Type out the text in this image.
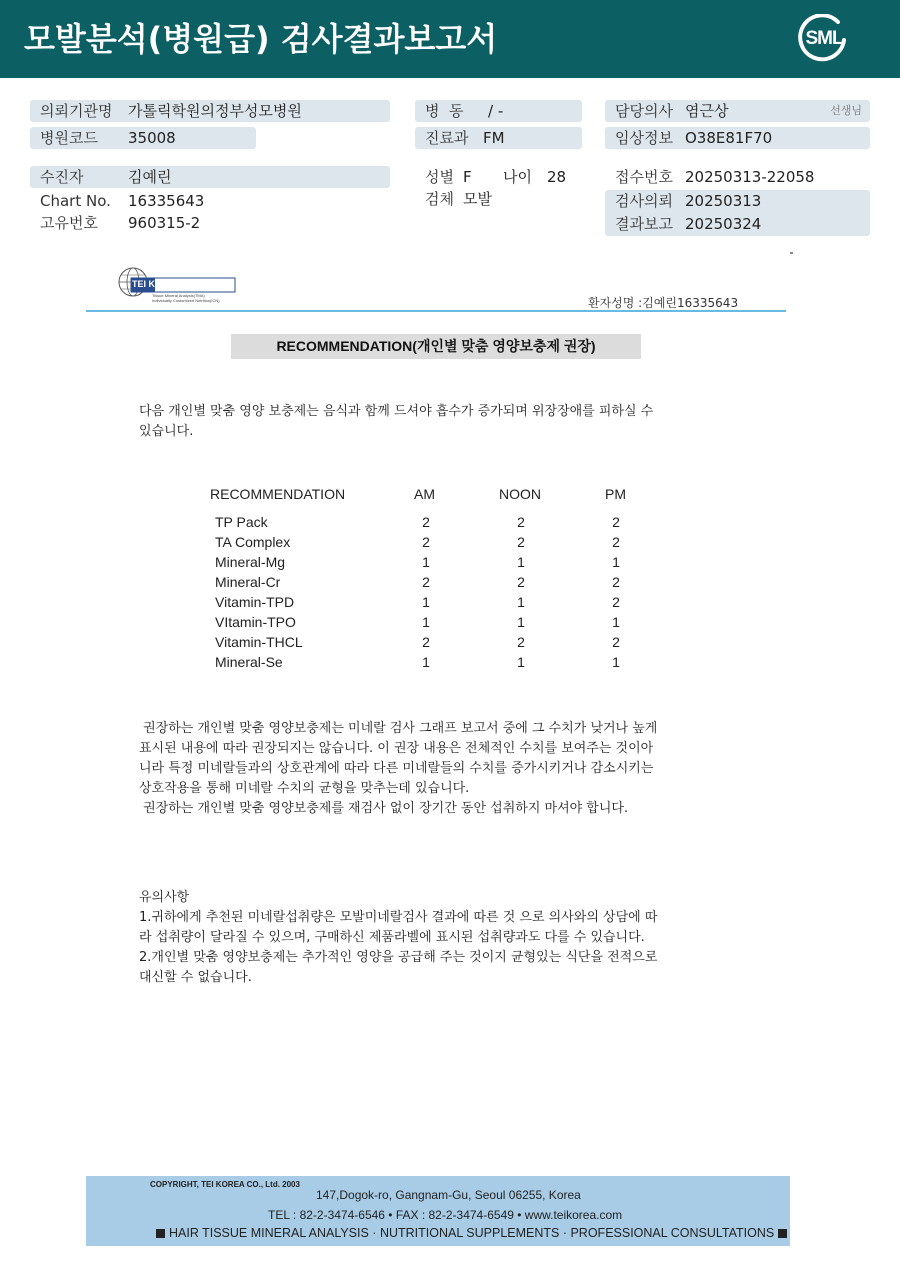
모발분석(병원급) 검사결과보고서	SML
의뢰기관명 가톨릭학원의정부성모병원
병원코드 35008
병  동 / -
진료과 FM
담당의사 염근상	선생님
임상정보 O38E81F70
수진자	김예린
Chart No. 16335643
고유번호 960315-2
성별 F 나이 28
검체 모발
접수번호 20250313-22058
검사의뢰 20250313
결과보고 20250324
TEI KOREA CO.,LTD.
Tissue Mineral Analysis(TMA)
Individually Customized Nutrition(ICN)	환자성명 :김예린16335643
RECOMMENDATION(개인별 맞춤 영양보충제 권장)
다음 개인별 맞춤 영양 보충제는 음식과 함께 드셔야 흡수가 증가되며 위장장애를 피하실 수
있습니다.
RECOMMENDATION	AM	NOON	PM
TP Pack	2	2	2
TA Complex	2	2	2
Mineral-Mg	1	1	1
Mineral-Cr	2	2	2
Vitamin-TPD	1	1	2
VItamin-TPO	1	1	1
Vitamin-THCL	2	2	2
Mineral-Se	1	1	1
권장하는 개인별 맞춤 영양보충제는 미네랄 검사 그래프 보고서 중에 그 수치가 낮거나 높게
표시된 내용에 따라 권장되지는 않습니다. 이 권장 내용은 전체적인 수치를 보여주는 것이아
니라 특정 미네랄들과의 상호관계에 따라 다른 미네랄들의 수치를 증가시키거나 감소시키는
상호작용을 통해 미네랄 수치의 균형을 맞추는데 있습니다.
권장하는 개인별 맞춤 영양보충제를 재검사 없이 장기간 동안 섭취하지 마셔야 합니다.
유의사항
1.귀하에게 추천된 미네랄섭취량은 모발미네랄검사 결과에 따른 것 으로 의사와의 상담에 따
라 섭취량이 달라질 수 있으며, 구매하신 제품라벨에 표시된 섭취량과도 다를 수 있습니다.
2.개인별 맞춤 영양보충제는 추가적인 영양을 공급해 주는 것이지 균형있는 식단을 전적으로
대신할 수 없습니다.
COPYRIGHT, TEI KOREA CO., Ltd. 2003
147,Dogok-ro, Gangnam-Gu, Seoul 06255, Korea
TEL : 82-2-3474-6546 • FAX : 82-2-3474-6549 • www.teikorea.com
HAIR TISSUE MINERAL ANALYSIS · NUTRITIONAL SUPPLEMENTS · PROFESSIONAL CONSULTATIONS
